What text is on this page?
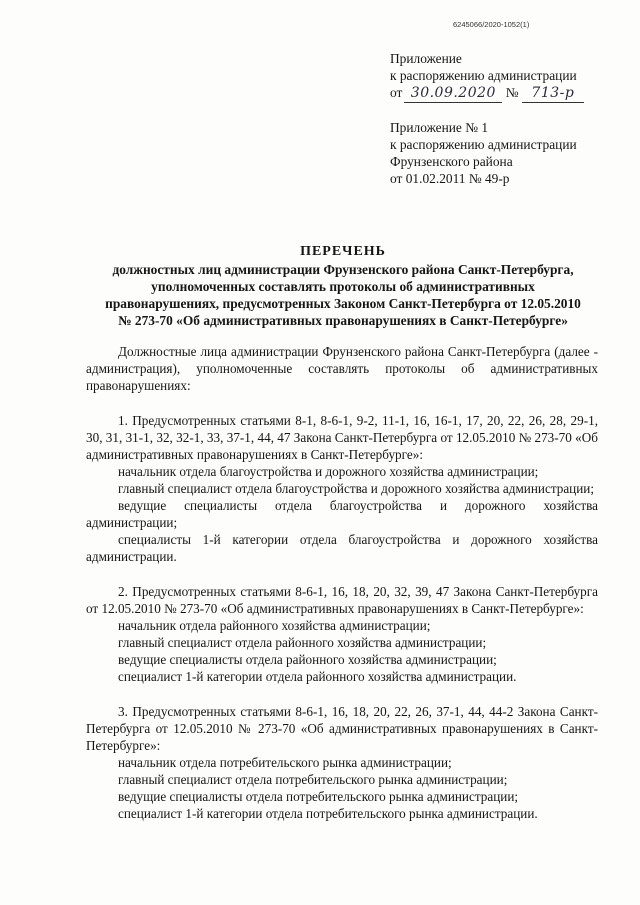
6245066/2020-1052(1)
Приложение
к распоряжению администрации
от 30.09.2020 № 713-р
Приложение № 1
к распоряжению администрации
Фрунзенского района
от 01.02.2011 № 49-р
ПЕРЕЧЕНЬ
должностных лиц администрации Фрунзенского района Санкт-Петербурга,
уполномоченных составлять протоколы об административных
правонарушениях, предусмотренных Законом Санкт-Петербурга от 12.05.2010
№ 273-70 «Об административных правонарушениях в Санкт-Петербурге»

Должностные лица администрации Фрунзенского района Санкт-Петербурга (далее - администрация), уполномоченные составлять протоколы об административных правонарушениях:

1. Предусмотренных статьями 8-1, 8-6-1, 9-2, 11-1, 16, 16-1, 17, 20, 22, 26, 28, 29-1, 30, 31, 31-1, 32, 32-1, 33, 37-1, 44, 47 Закона Санкт-Петербурга от 12.05.2010 № 273-70 «Об административных правонарушениях в Санкт-Петербурге»:

начальник отдела благоустройства и дорожного хозяйства администрации;

главный специалист отдела благоустройства и дорожного хозяйства администрации;

ведущие специалисты отдела благоустройства и дорожного хозяйства администрации;

специалисты 1-й категории отдела благоустройства и дорожного хозяйства администрации.

2. Предусмотренных статьями 8-6-1, 16, 18, 20, 32, 39, 47 Закона Санкт-Петербурга от 12.05.2010 № 273-70 «Об административных правонарушениях в Санкт-Петербурге»:

начальник отдела районного хозяйства администрации;

главный специалист отдела районного хозяйства администрации;

ведущие специалисты отдела районного хозяйства администрации;

специалист 1-й категории отдела районного хозяйства администрации.

3. Предусмотренных статьями 8-6-1, 16, 18, 20, 22, 26, 37-1, 44, 44-2 Закона Санкт-Петербурга от 12.05.2010 № 273-70 «Об административных правонарушениях в Санкт-Петербурге»:

начальник отдела потребительского рынка администрации;

главный специалист отдела потребительского рынка администрации;

ведущие специалисты отдела потребительского рынка администрации;

специалист 1-й категории отдела потребительского рынка администрации.
